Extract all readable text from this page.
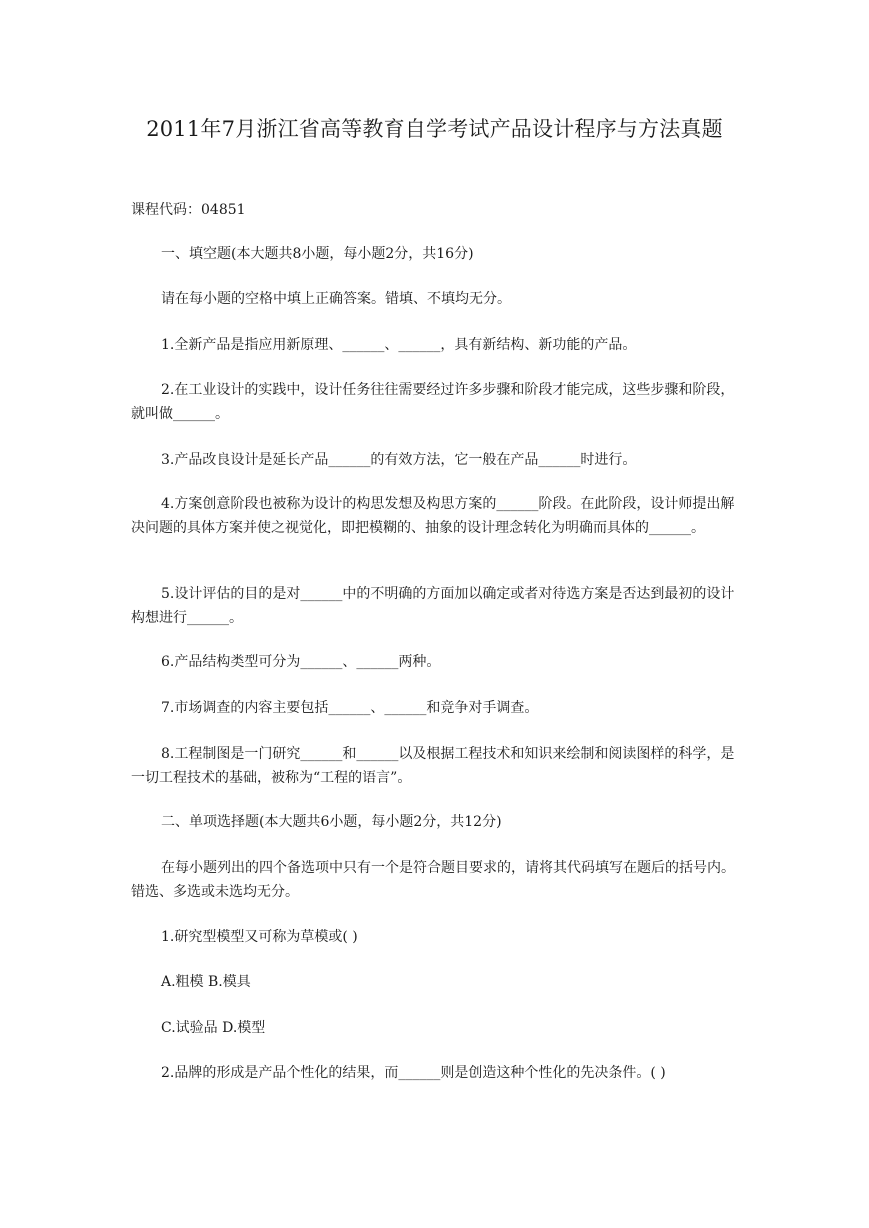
2011年7月浙江省高等教育自学考试产品设计程序与方法真题
课程代码：04851
一、填空题(本大题共8小题，每小题2分，共16分)
请在每小题的空格中填上正确答案。错填、不填均无分。
1.全新产品是指应用新原理、______、______，具有新结构、新功能的产品。
2.在工业设计的实践中，设计任务往往需要经过许多步骤和阶段才能完成，这些步骤和阶段，就叫做______。
3.产品改良设计是延长产品______的有效方法，它一般在产品______时进行。
4.方案创意阶段也被称为设计的构思发想及构思方案的______阶段。在此阶段，设计师提出解决问题的具体方案并使之视觉化，即把模糊的、抽象的设计理念转化为明确而具体的______。
5.设计评估的目的是对______中的不明确的方面加以确定或者对待选方案是否达到最初的设计构想进行______。
6.产品结构类型可分为______、______两种。
7.市场调查的内容主要包括______、______和竞争对手调查。
8.工程制图是一门研究______和______以及根据工程技术和知识来绘制和阅读图样的科学，是一切工程技术的基础，被称为“工程的语言”。
二、单项选择题(本大题共6小题，每小题2分，共12分)
在每小题列出的四个备选项中只有一个是符合题目要求的，请将其代码填写在题后的括号内。错选、多选或未选均无分。
1.研究型模型又可称为草模或( )
A.粗模 B.模具
C.试验品 D.模型
2.品牌的形成是产品个性化的结果，而______则是创造这种个性化的先决条件。( )
